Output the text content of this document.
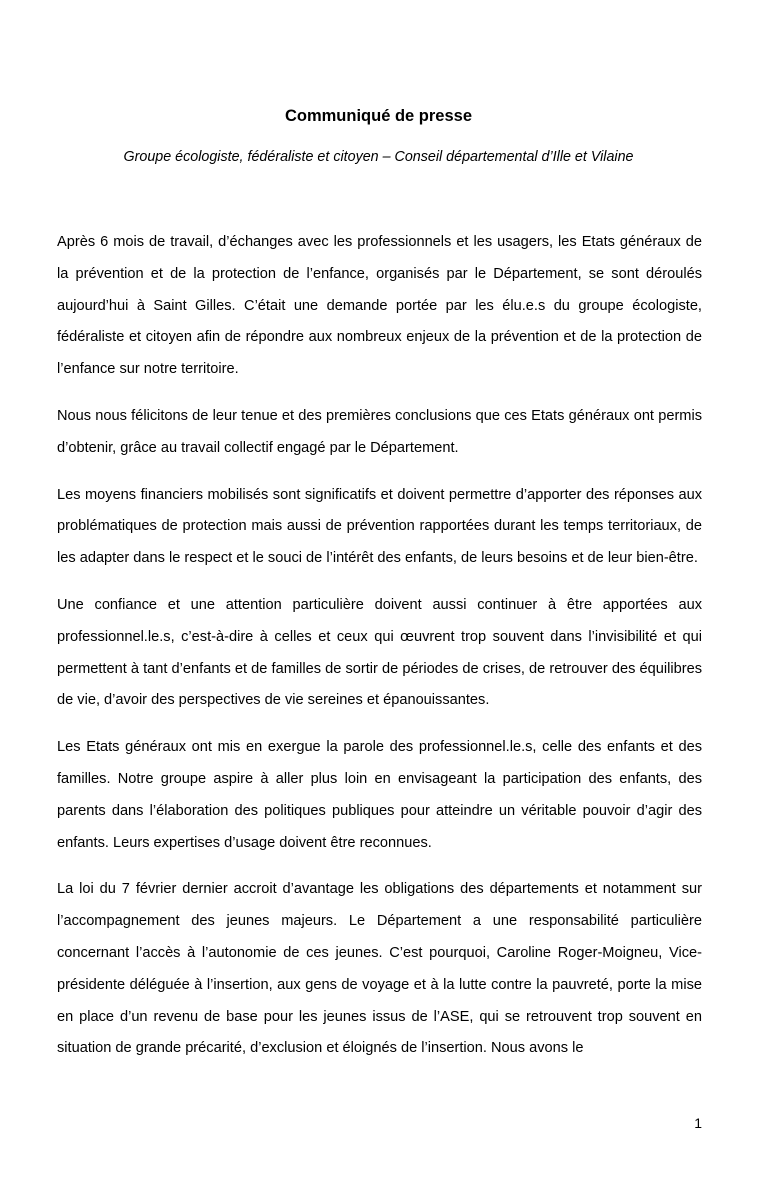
Communiqué de presse
Groupe écologiste, fédéraliste et citoyen – Conseil départemental d’Ille et Vilaine

Après 6 mois de travail, d’échanges avec les professionnels et les usagers, les Etats généraux de la prévention et de la protection de l’enfance, organisés par le Département, se sont déroulés aujourd’hui à Saint Gilles. C’était une demande portée par les élu.e.s du groupe écologiste, fédéraliste et citoyen afin de répondre aux nombreux enjeux de la prévention et de la protection de l’enfance sur notre territoire.

Nous nous félicitons de leur tenue et des premières conclusions que ces Etats généraux ont permis d’obtenir, grâce au travail collectif engagé par le Département.

Les moyens financiers mobilisés sont significatifs et doivent permettre d’apporter des réponses aux problématiques de protection mais aussi de prévention rapportées durant les temps territoriaux, de les adapter dans le respect et le souci de l’intérêt des enfants, de leurs besoins et de leur bien-être.

Une confiance et une attention particulière doivent aussi continuer à être apportées aux professionnel.le.s, c’est-à-dire à celles et ceux qui œuvrent trop souvent dans l’invisibilité et qui permettent à tant d’enfants et de familles de sortir de périodes de crises, de retrouver des équilibres de vie, d’avoir des perspectives de vie sereines et épanouissantes.

Les Etats généraux ont mis en exergue la parole des professionnel.le.s, celle des enfants et des familles. Notre groupe aspire à aller plus loin en envisageant la participation des enfants, des parents dans l’élaboration des politiques publiques pour atteindre un véritable pouvoir d’agir des enfants. Leurs expertises d’usage doivent être reconnues.

La loi du 7 février dernier accroit d’avantage les obligations des départements et notamment sur l’accompagnement des jeunes majeurs. Le Département a une responsabilité particulière concernant l’accès à l’autonomie de ces jeunes. C’est pourquoi, Caroline Roger-Moigneu, Vice-présidente déléguée à l’insertion, aux gens de voyage et à la lutte contre la pauvreté, porte la mise en place d’un revenu de base pour les jeunes issus de l’ASE, qui se retrouvent trop souvent en situation de grande précarité, d’exclusion et éloignés de l’insertion. Nous avons le

1
